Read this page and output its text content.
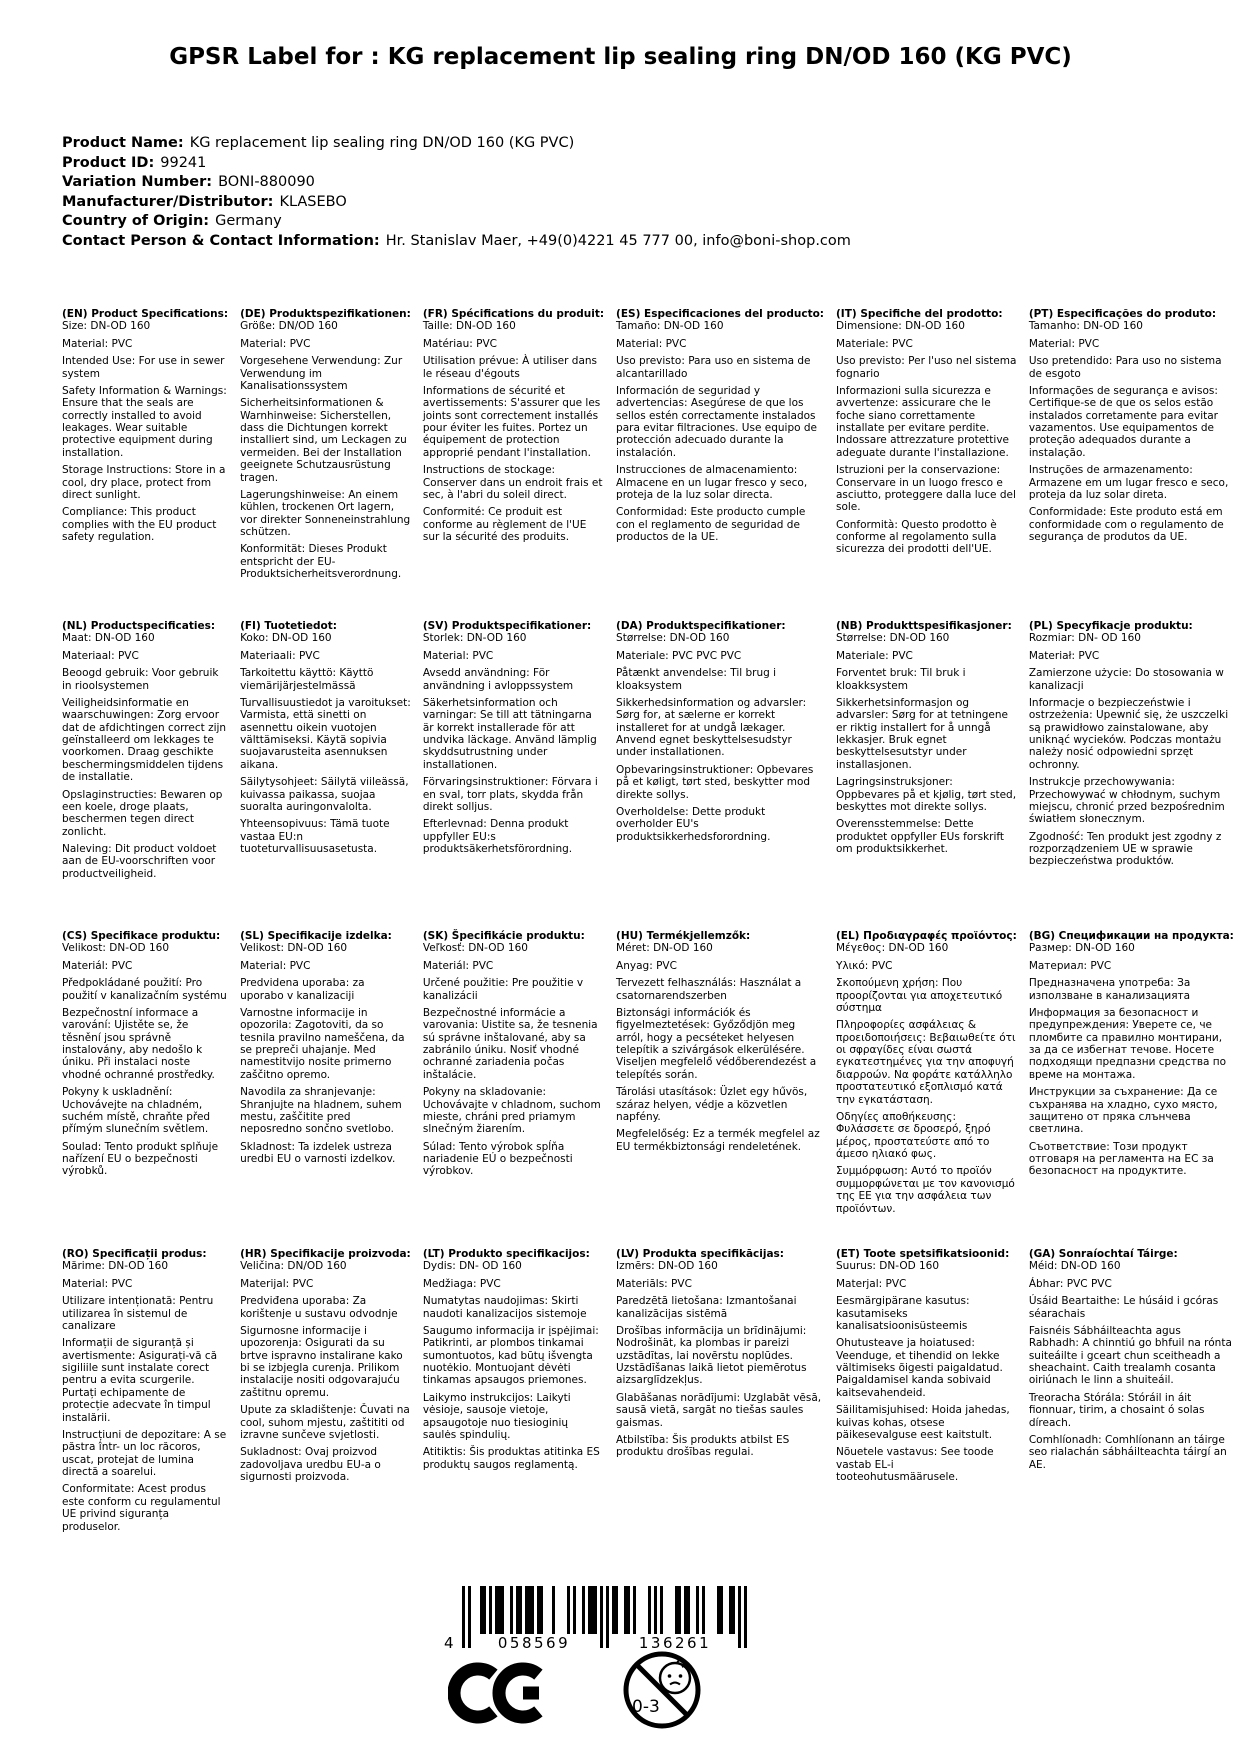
GPSR Label for : KG replacement lip sealing ring DN/OD 160 (KG PVC)
Product Name: KG replacement lip sealing ring DN/OD 160 (KG PVC)
Product ID: 99241
Variation Number: BONI-880090
Manufacturer/Distributor: KLASEBO
Country of Origin: Germany
Contact Person & Contact Information: Hr. Stanislav Maer, +49(0)4221 45 777 00, info@boni-shop.com
(EN) Product Specifications:

Size: DN-OD 160

Material: PVC

Intended Use: For use in sewer system

Safety Information & Warnings: Ensure that the seals are correctly installed to avoid leakages. Wear suitable protective equipment during installation.

Storage Instructions: Store in a cool, dry place, protect from direct sunlight.

Compliance: This product complies with the EU product safety regulation.

(DE) Produktspezifikationen:

Größe: DN/OD 160

Material: PVC

Vorgesehene Verwendung: Zur Verwendung im Kanalisationssystem

Sicherheitsinformationen & Warnhinweise: Sicherstellen, dass die Dichtungen korrekt installiert sind, um Leckagen zu vermeiden. Bei der Installation geeignete Schutzausrüstung tragen.

Lagerungshinweise: An einem kühlen, trockenen Ort lagern, vor direkter Sonneneinstrahlung schützen.

Konformität: Dieses Produkt entspricht der EU-Produktsicherheitsverordnung.

(FR) Spécifications du produit:

Taille: DN-OD 160

Matériau: PVC

Utilisation prévue: À utiliser dans le réseau d'égouts

Informations de sécurité et avertissements: S'assurer que les joints sont correctement installés pour éviter les fuites. Portez un équipement de protection approprié pendant l'installation.

Instructions de stockage: Conserver dans un endroit frais et sec, à l'abri du soleil direct.

Conformité: Ce produit est conforme au règlement de l'UE sur la sécurité des produits.

(ES) Especificaciones del producto:

Tamaño: DN-OD 160

Material: PVC

Uso previsto: Para uso en sistema de alcantarillado

Información de seguridad y advertencias: Asegúrese de que los sellos estén correctamente instalados para evitar filtraciones. Use equipo de protección adecuado durante la instalación.

Instrucciones de almacenamiento: Almacene en un lugar fresco y seco, proteja de la luz solar directa.

Conformidad: Este producto cumple con el reglamento de seguridad de productos de la UE.

(IT) Specifiche del prodotto:

Dimensione: DN-OD 160

Materiale: PVC

Uso previsto: Per l'uso nel sistema fognario

Informazioni sulla sicurezza e avvertenze: assicurare che le foche siano correttamente installate per evitare perdite. Indossare attrezzature protettive adeguate durante l'installazione.

Istruzioni per la conservazione: Conservare in un luogo fresco e asciutto, proteggere dalla luce del sole.

Conformità: Questo prodotto è conforme al regolamento sulla sicurezza dei prodotti dell'UE.

(PT) Especificações do produto:

Tamanho: DN-OD 160

Material: PVC

Uso pretendido: Para uso no sistema de esgoto

Informações de segurança e avisos: Certifique-se de que os selos estão instalados corretamente para evitar vazamentos. Use equipamentos de proteção adequados durante a instalação.

Instruções de armazenamento: Armazene em um lugar fresco e seco, proteja da luz solar direta.

Conformidade: Este produto está em conformidade com o regulamento de segurança de produtos da UE.

(NL) Productspecificaties:

Maat: DN-OD 160

Materiaal: PVC

Beoogd gebruik: Voor gebruik in rioolsystemen

Veiligheidsinformatie en waarschuwingen: Zorg ervoor dat de afdichtingen correct zijn geïnstalleerd om lekkages te voorkomen. Draag geschikte beschermingsmiddelen tijdens de installatie.

Opslaginstructies: Bewaren op een koele, droge plaats, beschermen tegen direct zonlicht.

Naleving: Dit product voldoet aan de EU-voorschriften voor productveiligheid.

(FI) Tuotetiedot:

Koko: DN-OD 160

Materiaali: PVC

Tarkoitettu käyttö: Käyttö viemärijärjestelmässä

Turvallisuustiedot ja varoitukset: Varmista, että sinetti on asennettu oikein vuotojen välttämiseksi. Käytä sopivia suojavarusteita asennuksen aikana.

Säilytysohjeet: Säilytä viileässä, kuivassa paikassa, suojaa suoralta auringonvalolta.

Yhteensopivuus: Tämä tuote vastaa EU:n tuoteturvallisuusasetusta.

(SV) Produktspecifikationer:

Storlek: DN-OD 160

Material: PVC

Avsedd användning: För användning i avloppssystem

Säkerhetsinformation och varningar: Se till att tätningarna är korrekt installerade för att undvika läckage. Använd lämplig skyddsutrustning under installationen.

Förvaringsinstruktioner: Förvara i en sval, torr plats, skydda från direkt solljus.

Efterlevnad: Denna produkt uppfyller EU:s produktsäkerhetsförordning.

(DA) Produktspecifikationer:

Størrelse: DN-OD 160

Materiale: PVC PVC PVC

Påtænkt anvendelse: Til brug i kloaksystem

Sikkerhedsinformation og advarsler: Sørg for, at sælerne er korrekt installeret for at undgå lækager. Anvend egnet beskyttelsesudstyr under installationen.

Opbevaringsinstruktioner: Opbevares på et køligt, tørt sted, beskytter mod direkte sollys.

Overholdelse: Dette produkt overholder EU's produktsikkerhedsforordning.

(NB) Produkttspesifikasjoner:

Størrelse: DN-OD 160

Materiale: PVC

Forventet bruk: Til bruk i kloakksystem

Sikkerhetsinformasjon og advarsler: Sørg for at tetningene er riktig installert for å unngå lekkasjer. Bruk egnet beskyttelsesutstyr under installasjonen.

Lagringsinstruksjoner: Oppbevares på et kjølig, tørt sted, beskyttes mot direkte sollys.

Overensstemmelse: Dette produktet oppfyller EUs forskrift om produktsikkerhet.

(PL) Specyfikacje produktu:

Rozmiar: DN- OD 160

Materiał: PVC

Zamierzone użycie: Do stosowania w kanalizacji

Informacje o bezpieczeństwie i ostrzeżenia: Upewnić się, że uszczelki są prawidłowo zainstalowane, aby uniknąć wycieków. Podczas montażu należy nosić odpowiedni sprzęt ochronny.

Instrukcje przechowywania: Przechowywać w chłodnym, suchym miejscu, chronić przed bezpośrednim światłem słonecznym.

Zgodność: Ten produkt jest zgodny z rozporządzeniem UE w sprawie bezpieczeństwa produktów.

(CS) Specifikace produktu:

Velikost: DN-OD 160

Materiál: PVC

Předpokládané použití: Pro použití v kanalizačním systému

Bezpečnostní informace a varování: Ujistěte se, že těsnění jsou správně instalovány, aby nedošlo k úniku. Při instalaci noste vhodné ochranné prostředky.

Pokyny k uskladnění: Uchovávejte na chladném, suchém místě, chraňte před přímým slunečním světlem.

Soulad: Tento produkt splňuje nařízení EU o bezpečnosti výrobků.

(SL) Specifikacije izdelka:

Velikost: DN-OD 160

Material: PVC

Predvidena uporaba: za uporabo v kanalizaciji

Varnostne informacije in opozorila: Zagotoviti, da so tesnila pravilno nameščena, da se prepreči uhajanje. Med namestitvijo nosite primerno zaščitno opremo.

Navodila za shranjevanje: Shranjujte na hladnem, suhem mestu, zaščitite pred neposredno sončno svetlobo.

Skladnost: Ta izdelek ustreza uredbi EU o varnosti izdelkov.

(SK) Špecifikácie produktu:

Veľkosť: DN-OD 160

Materiál: PVC

Určené použitie: Pre použitie v kanalizácii

Bezpečnostné informácie a varovania: Uistite sa, že tesnenia sú správne inštalované, aby sa zabránilo úniku. Nosiť vhodné ochranné zariadenia počas inštalácie.

Pokyny na skladovanie: Uchovávajte v chladnom, suchom mieste, chráni pred priamym slnečným žiarením.

Súlad: Tento výrobok spĺňa nariadenie EÚ o bezpečnosti výrobkov.

(HU) Termékjellemzők:

Méret: DN-OD 160

Anyag: PVC

Tervezett felhasználás: Használat a csatornarendszerben

Biztonsági információk és figyelmeztetések: Győződjön meg arról, hogy a pecséteket helyesen telepítik a szivárgások elkerülésére. Viseljen megfelelő védőberendezést a telepítés során.

Tárolási utasítások: Üzlet egy hűvös, száraz helyen, védje a közvetlen napfény.

Megfelelőség: Ez a termék megfelel az EU termékbiztonsági rendeletének.

(EL) Προδιαγραφές προϊόντος:

Μέγεθος: DN-OD 160

Υλικό: PVC

Σκοπούμενη χρήση: Που προορίζονται για αποχετευτικό σύστημα

Πληροφορίες ασφάλειας & προειδοποιήσεις: Βεβαιωθείτε ότι οι σφραγίδες είναι σωστά εγκατεστημένες για την αποφυγή διαρροών. Να φοράτε κατάλληλο προστατευτικό εξοπλισμό κατά την εγκατάσταση.

Οδηγίες αποθήκευσης: Φυλάσσετε σε δροσερό, ξηρό μέρος, προστατεύστε από το άμεσο ηλιακό φως.

Συμμόρφωση: Αυτό το προϊόν συμμορφώνεται με τον κανονισμό της ΕΕ για την ασφάλεια των προϊόντων.

(BG) Спецификации на продукта:

Размер: DN-OD 160

Материал: PVC

Предназначена употреба: За използване в канализацията

Информация за безопасност и предупреждения: Уверете се, че пломбите са правилно монтирани, за да се избегнат течове. Носете подходящи предпазни средства по време на монтажа.

Инструкции за съхранение: Да се съхранява на хладно, сухо място, защитено от пряка слънчева светлина.

Съответствие: Този продукт отговаря на регламента на ЕС за безопасност на продуктите.

(RO) Specificații produs:

Mărime: DN-OD 160

Material: PVC

Utilizare intenționată: Pentru utilizarea în sistemul de canalizare

Informații de siguranță și avertismente: Asigurați-vă că sigiliile sunt instalate corect pentru a evita scurgerile. Purtați echipamente de protecție adecvate în timpul instalării.

Instrucțiuni de depozitare: A se păstra într- un loc răcoros, uscat, protejat de lumina directă a soarelui.

Conformitate: Acest produs este conform cu regulamentul UE privind siguranța produselor.

(HR) Specifikacije proizvoda:

Veličina: DN/OD 160

Materijal: PVC

Predviđena uporaba: Za korištenje u sustavu odvodnje

Sigurnosne informacije i upozorenja: Osigurati da su brtve ispravno instalirane kako bi se izbjegla curenja. Prilikom instalacije nositi odgovarajuću zaštitnu opremu.

Upute za skladištenje: Čuvati na cool, suhom mjestu, zaštititi od izravne sunčeve svjetlosti.

Sukladnost: Ovaj proizvod zadovoljava uredbu EU-a o sigurnosti proizvoda.

(LT) Produkto specifikacijos:

Dydis: DN- OD 160

Medžiaga: PVC

Numatytas naudojimas: Skirti naudoti kanalizacijos sistemoje

Saugumo informacija ir įspėjimai: Patikrinti, ar plombos tinkamai sumontuotos, kad būtų išvengta nuotėkio. Montuojant dėvėti tinkamas apsaugos priemones.

Laikymo instrukcijos: Laikyti vėsioje, sausoje vietoje, apsaugotoje nuo tiesioginių saulės spindulių.

Atitiktis: Šis produktas atitinka ES produktų saugos reglamentą.

(LV) Produkta specifikācijas:

Izmērs: DN-OD 160

Materiāls: PVC

Paredzētā lietošana: Izmantošanai kanalizācijas sistēmā

Drošības informācija un brīdinājumi: Nodrošināt, ka plombas ir pareizi uzstādītas, lai novērstu noplūdes. Uzstādīšanas laikā lietot piemērotus aizsarglīdzekļus.

Glabāšanas norādījumi: Uzglabāt vēsā, sausā vietā, sargāt no tiešas saules gaismas.

Atbilstība: Šis produkts atbilst ES produktu drošības regulai.

(ET) Toote spetsifikatsioonid:

Suurus: DN-OD 160

Materjal: PVC

Eesmärgipärane kasutus: kasutamiseks kanalisatsioonisüsteemis

Ohutusteave ja hoiatused: Veenduge, et tihendid on lekke vältimiseks õigesti paigaldatud. Paigaldamisel kanda sobivaid kaitsevahendeid.

Säilitamisjuhised: Hoida jahedas, kuivas kohas, otsese päikesevalguse eest kaitstult.

Nõuetele vastavus: See toode vastab EL-i tooteohutusmäärusele.

(GA) Sonraíochtaí Táirge:

Méid: DN-OD 160

Ábhar: PVC PVC

Úsáid Beartaithe: Le húsáid i gcóras séarachais

Faisnéis Sábháilteachta agus Rabhadh: A chinntiú go bhfuil na rónta suiteáilte i gceart chun sceitheadh a sheachaint. Caith trealamh cosanta oiriúnach le linn a shuiteáil.

Treoracha Stórála: Stóráil in áit fionnuar, tirim, a chosaint ó solas díreach.

Comhlíonadh: Comhlíonann an táirge seo rialachán sábháilteachta táirgí an AE.

4	058569	136261
0-3
